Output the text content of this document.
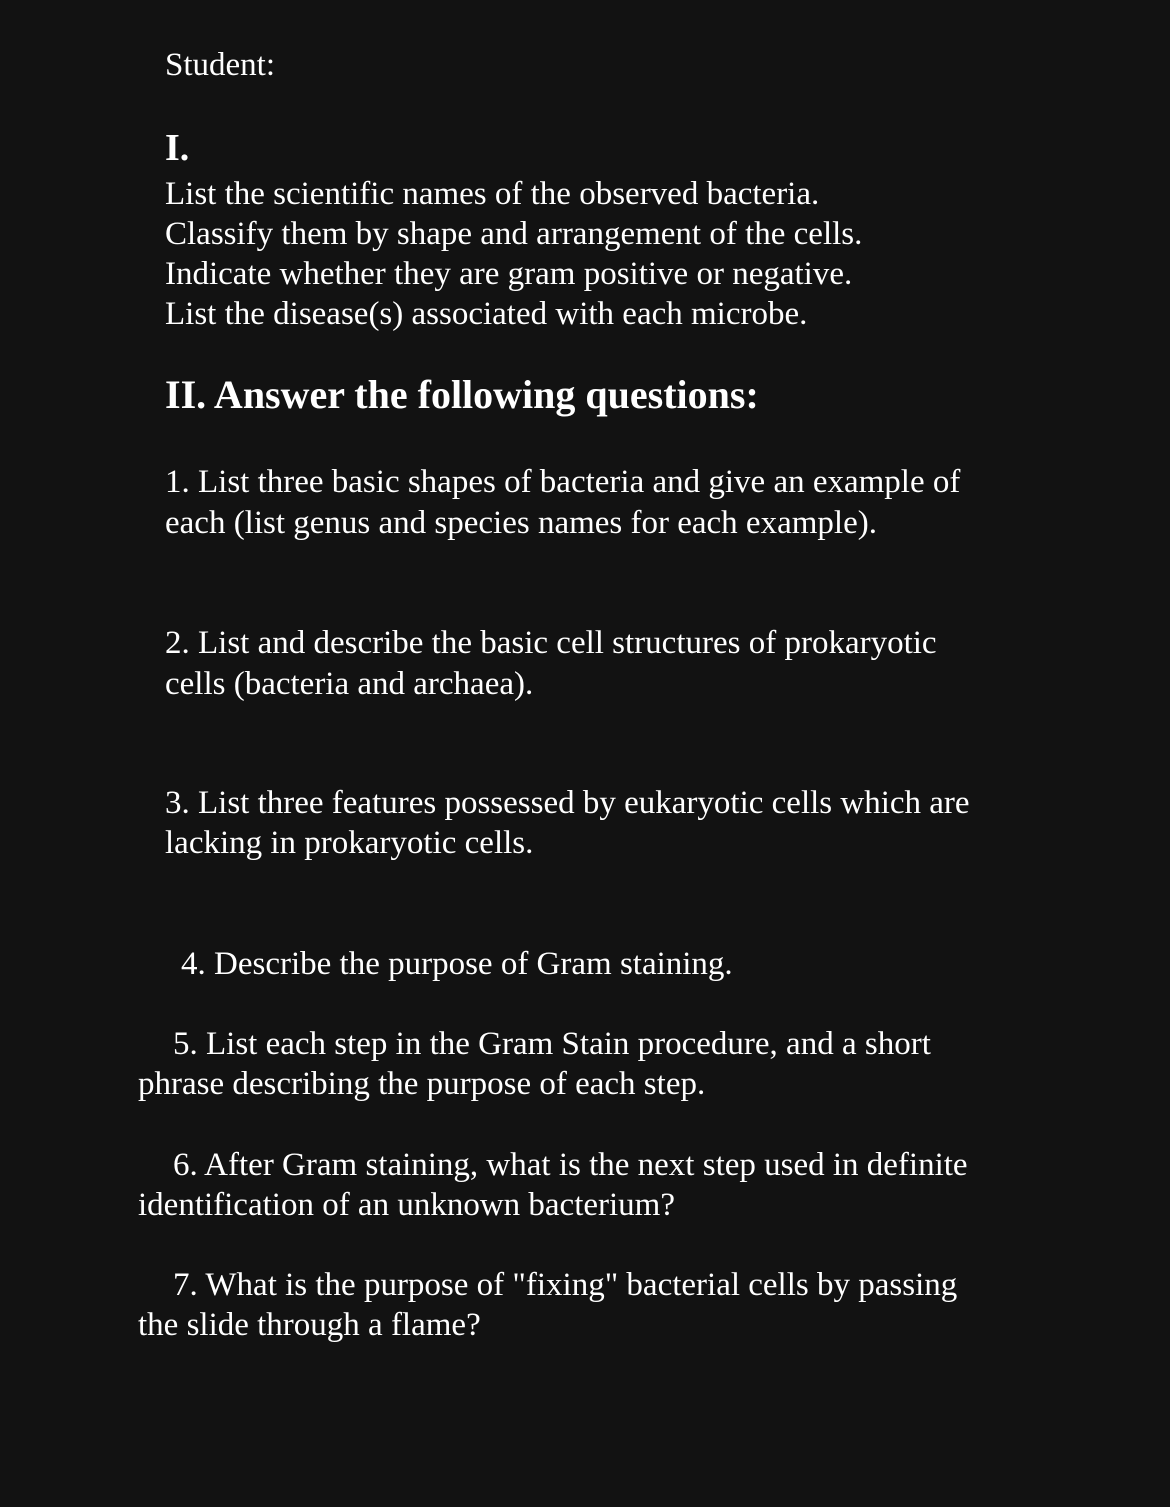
Student:
I.
List the scientific names of the observed bacteria.
Classify them by shape and arrangement of the cells.
Indicate whether they are gram positive or negative.
List the disease(s) associated with each microbe.
II. Answer the following questions:
1. List three basic shapes of bacteria and give an example of
each (list genus and species names for each example).
2. List and describe the basic cell structures of prokaryotic
cells (bacteria and archaea).
3. List three features possessed by eukaryotic cells which are
lacking in prokaryotic cells.
4. Describe the purpose of Gram staining.
5. List each step in the Gram Stain procedure, and a short
phrase describing the purpose of each step.
6. After Gram staining, what is the next step used in definite
identification of an unknown bacterium?
7. What is the purpose of "fixing" bacterial cells by passing
the slide through a flame?
